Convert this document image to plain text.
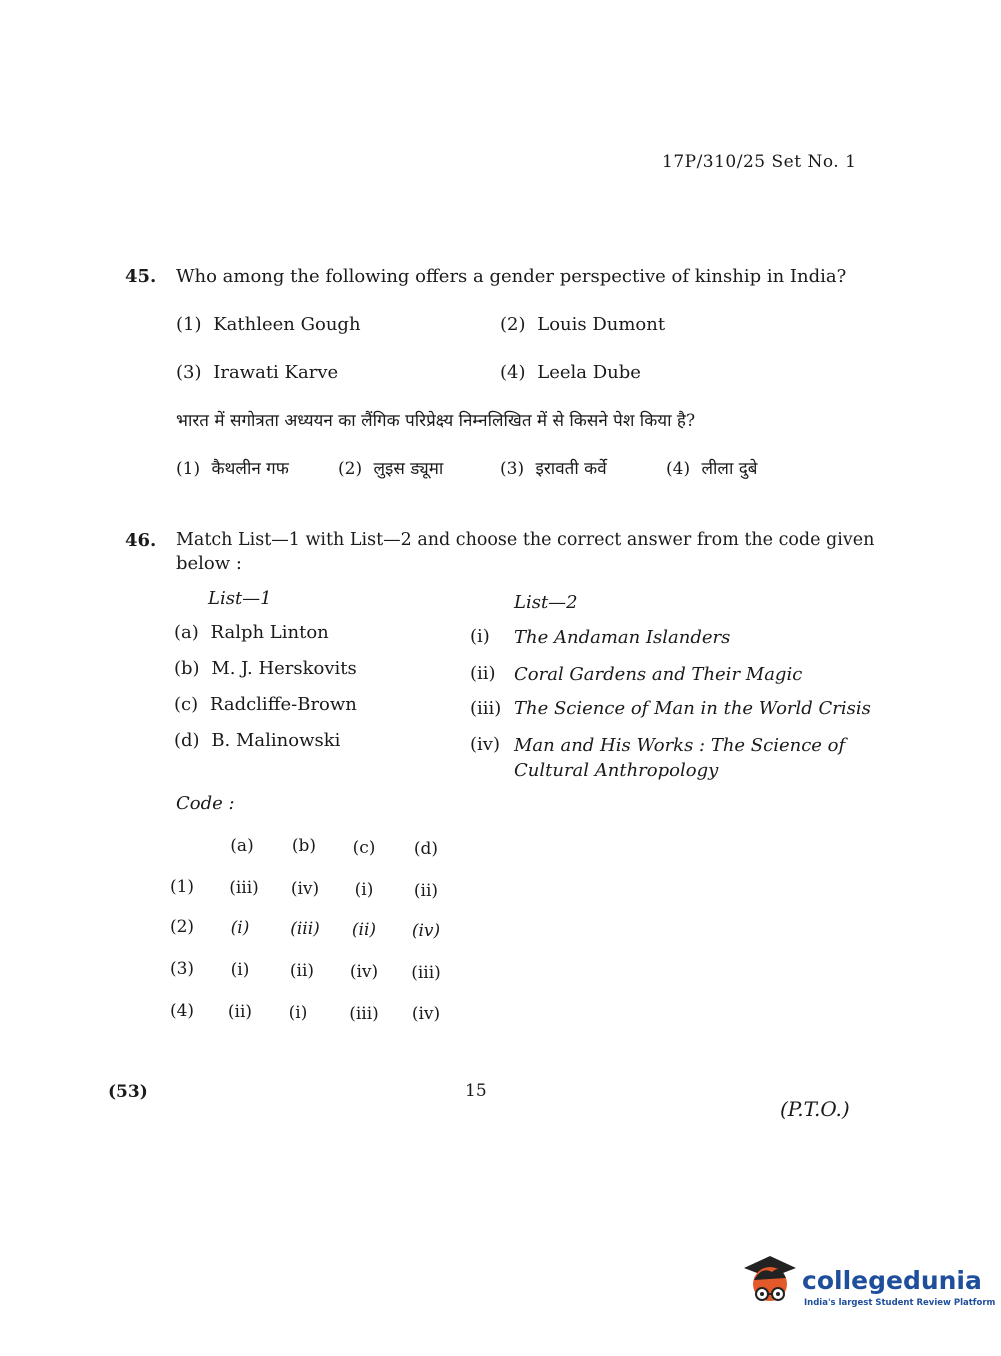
17P/310/25 Set No. 1
45. Who among the following offers a gender perspective of kinship in India?
(1) Kathleen Gough	(2) Louis Dumont
(3) Irawati Karve	(4) Leela Dube
भारत में सगोत्रता अध्ययन का लैंगिक परिप्रेक्ष्य निम्नलिखित में से किसने पेश किया है?
(1) कैथलीन गफ	(2) लुइस ड्यूमा	(3) इरावती कर्वे	(4) लीला दुबे
46. Match List—1 with List—2 and choose the correct answer from the code given
below :
List—1	List—2
(a) Ralph Linton
(b) M. J. Herskovits
(c) Radcliffe-Brown
(d) B. Malinowski
(i) The Andaman Islanders
(ii) Coral Gardens and Their Magic
(iii) The Science of Man in the World Crisis
(iv) Man and His Works : The Science of
Cultural Anthropology
Code :
(a)	(b)	(c)	(d)
(1)	(iii)	(iv)	(i)	(ii)
(2)	(i)	(iii)	(ii)	(iv)
(3)	(i)	(ii)	(iv)	(iii)
(4)	(ii)	(i)	(iii)	(iv)
(53)	15
(P.T.O.)
collegedunia
India's largest Student Review Platform
